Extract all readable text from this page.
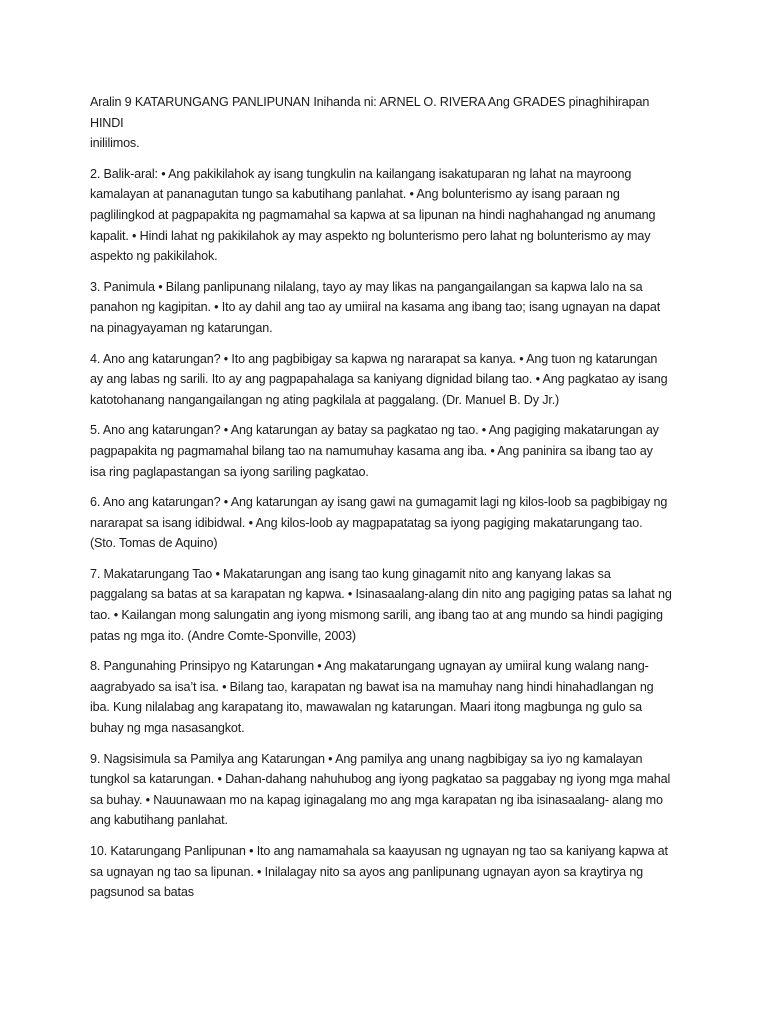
Aralin 9 KATARUNGANG PANLIPUNAN Inihanda ni: ARNEL O. RIVERA Ang GRADES pinaghihirapan HINDI
inililimos.

2. Balik-aral: • Ang pakikilahok ay isang tungkulin na kailangang isakatuparan ng lahat na mayroong
kamalayan at pananagutan tungo sa kabutihang panlahat. • Ang bolunterismo ay isang paraan ng
paglilingkod at pagpapakita ng pagmamahal sa kapwa at sa lipunan na hindi naghahangad ng anumang
kapalit. • Hindi lahat ng pakikilahok ay may aspekto ng bolunterismo pero lahat ng bolunterismo ay may
aspekto ng pakikilahok.

3. Panimula • Bilang panlipunang nilalang, tayo ay may likas na pangangailangan sa kapwa lalo na sa
panahon ng kagipitan. • Ito ay dahil ang tao ay umiiral na kasama ang ibang tao; isang ugnayan na dapat
na pinagyayaman ng katarungan.

4. Ano ang katarungan? • Ito ang pagbibigay sa kapwa ng nararapat sa kanya. • Ang tuon ng katarungan
ay ang labas ng sarili. Ito ay ang pagpapahalaga sa kaniyang dignidad bilang tao. • Ang pagkatao ay isang
katotohanang nangangailangan ng ating pagkilala at paggalang. (Dr. Manuel B. Dy Jr.)

5. Ano ang katarungan? • Ang katarungan ay batay sa pagkatao ng tao. • Ang pagiging makatarungan ay
pagpapakita ng pagmamahal bilang tao na namumuhay kasama ang iba. • Ang paninira sa ibang tao ay
isa ring paglapastangan sa iyong sariling pagkatao.

6. Ano ang katarungan? • Ang katarungan ay isang gawi na gumagamit lagi ng kilos-loob sa pagbibigay ng
nararapat sa isang idibidwal. • Ang kilos-loob ay magpapatatag sa iyong pagiging makatarungang tao.
(Sto. Tomas de Aquino)

7. Makatarungang Tao • Makatarungan ang isang tao kung ginagamit nito ang kanyang lakas sa
paggalang sa batas at sa karapatan ng kapwa. • Isinasaalang-alang din nito ang pagiging patas sa lahat ng
tao. • Kailangan mong salungatin ang iyong mismong sarili, ang ibang tao at ang mundo sa hindi pagiging
patas ng mga ito. (Andre Comte-Sponville, 2003)

8. Pangunahing Prinsipyo ng Katarungan • Ang makatarungang ugnayan ay umiiral kung walang nang-
aagrabyado sa isa’t isa. • Bilang tao, karapatan ng bawat isa na mamuhay nang hindi hinahadlangan ng
iba. Kung nilalabag ang karapatang ito, mawawalan ng katarungan. Maari itong magbunga ng gulo sa
buhay ng mga nasasangkot.

9. Nagsisimula sa Pamilya ang Katarungan • Ang pamilya ang unang nagbibigay sa iyo ng kamalayan
tungkol sa katarungan. • Dahan-dahang nahuhubog ang iyong pagkatao sa paggabay ng iyong mga mahal
sa buhay. • Nauunawaan mo na kapag iginagalang mo ang mga karapatan ng iba isinasaalang- alang mo
ang kabutihang panlahat.

10. Katarungang Panlipunan • Ito ang namamahala sa kaayusan ng ugnayan ng tao sa kaniyang kapwa at
sa ugnayan ng tao sa lipunan. • Inilalagay nito sa ayos ang panlipunang ugnayan ayon sa kraytirya ng
pagsunod sa batas
